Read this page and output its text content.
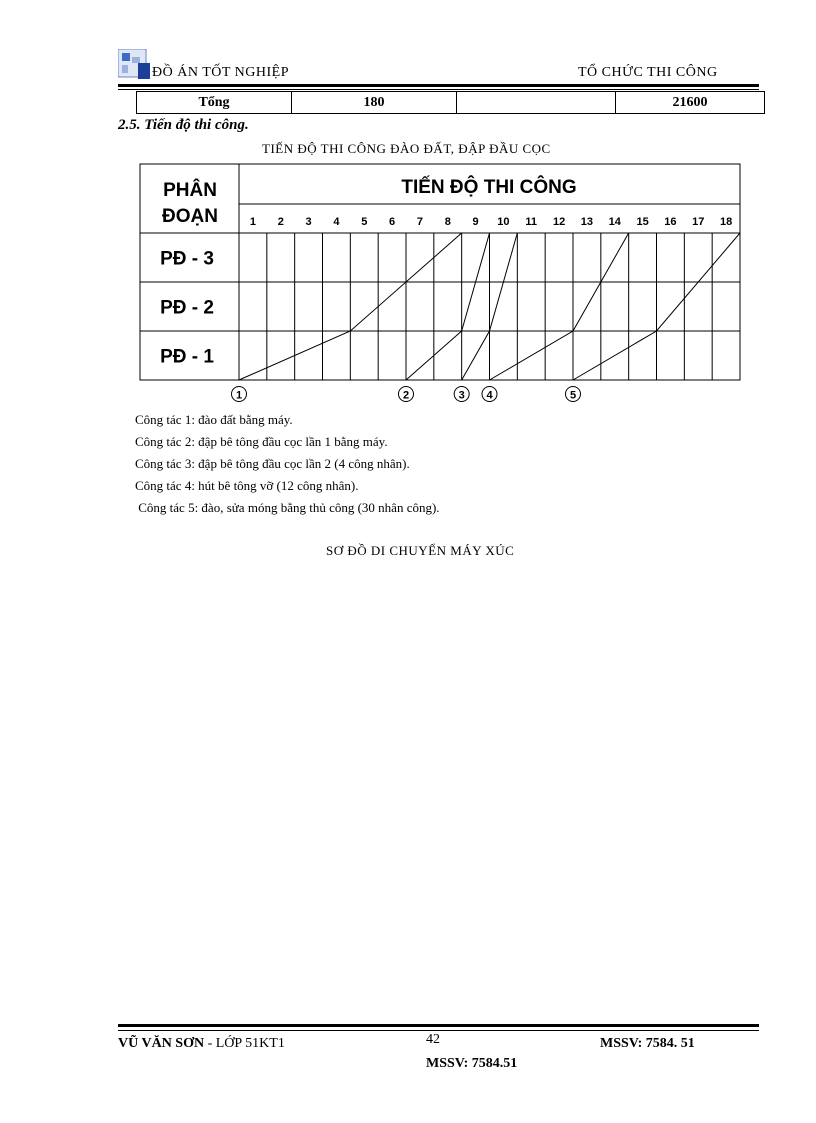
ĐỒ ÁN TỐT NGHIỆP	TỔ CHỨC THI CÔNG
Tổng	180		21600
2.5. Tiến độ thi công.
TIẾN ĐỘ THI CÔNG ĐÀO ĐẤT, ĐẬP ĐẦU CỌC
PHÂN
ĐOẠN
TIẾN ĐỘ THI CÔNG
1 2 3 4 5 6 7 8 9 10 11 12 13 14 15 16 17 18
PĐ - 3
PĐ - 2
PĐ - 1
1	2	3 4	5
Công tác 1: đào đất bằng máy.
Công tác 2: đập bê tông đầu cọc lần 1 bằng máy.
Công tác 3: đập bê tông đầu cọc lần 2 (4 công nhân).
Công tác 4: hút bê tông vỡ (12 công nhân).
Công tác 5: đào, sửa móng bằng thủ công (30 nhân công).
SƠ ĐỒ DI CHUYỂN MÁY XÚC
VŨ VĂN SƠN - LỚP 51KT1	42	MSSV: 7584. 51
MSSV: 7584.51
